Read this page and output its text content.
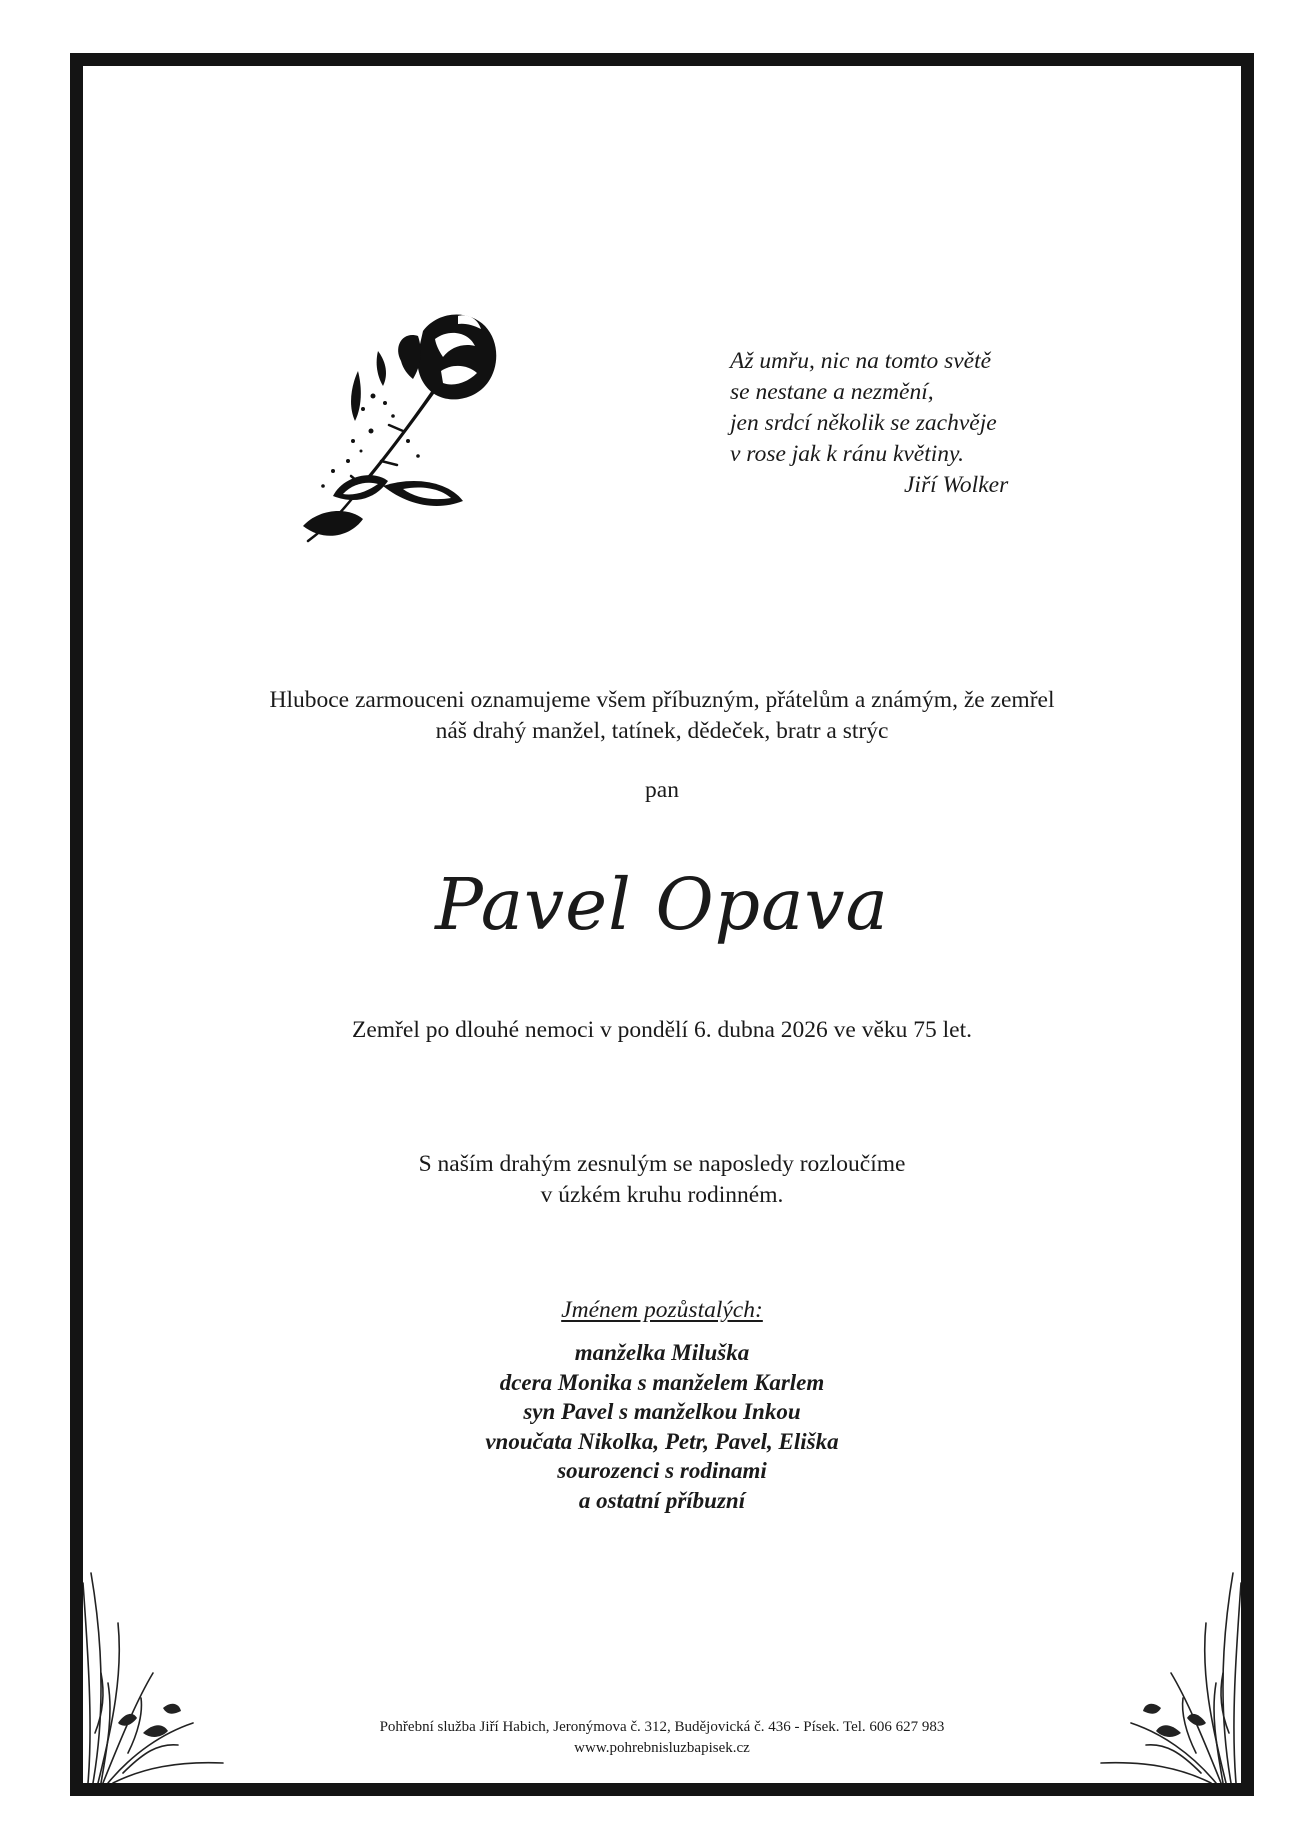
Až umřu, nic na tomto světě
se nestane a nezmění,
jen srdcí několik se zachvěje
v rose jak k ránu květiny.
Jiří Wolker
Hluboce zarmouceni oznamujeme všem příbuzným, přátelům a známým, že zemřel
náš drahý manžel, tatínek, dědeček, bratr a strýc
pan
Pavel Opava
Zemřel po dlouhé nemoci v pondělí 6. dubna 2026 ve věku 75 let.
S naším drahým zesnulým se naposledy rozloučíme
v úzkém kruhu rodinném.
Jménem pozůstalých:
manželka Miluška
dcera Monika s manželem Karlem
syn Pavel s manželkou Inkou
vnoučata Nikolka, Petr, Pavel, Eliška
sourozenci s rodinami
a ostatní příbuzní
Pohřební služba Jiří Habich, Jeronýmova č. 312, Budějovická č. 436 - Písek. Tel. 606 627 983
www.pohrebnisluzbapisek.cz
